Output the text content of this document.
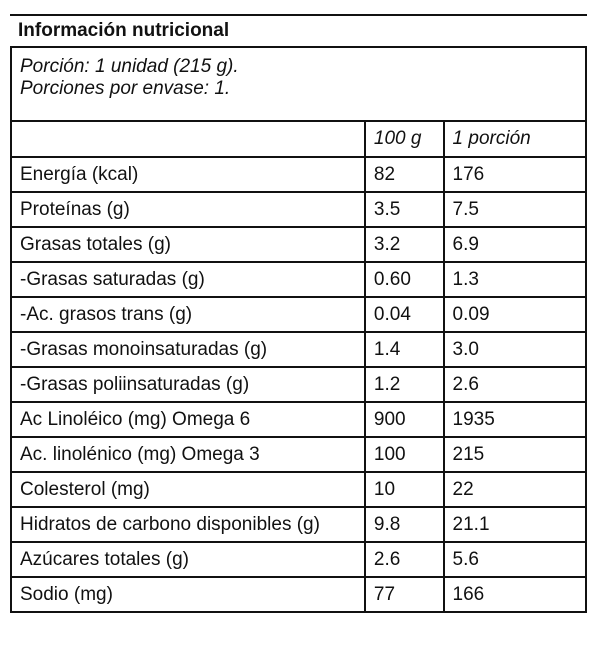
Información nutricional
Porción: 1 unidad (215 g).
Porciones por envase: 1.		

	100 g	1 porción
Energía (kcal)	82	176
Proteínas (g)	3.5	7.5
Grasas totales (g)	3.2	6.9
-Grasas saturadas (g)	0.60	1.3
-Ac. grasos trans (g)	0.04	0.09
-Grasas monoinsaturadas (g)	1.4	3.0
-Grasas poliinsaturadas (g)	1.2	2.6
Ac Linoléico (mg) Omega 6	900	1935
Ac. linolénico (mg) Omega 3	100	215
Colesterol (mg)	10	22
Hidratos de carbono disponibles (g)	9.8	21.1
Azúcares totales (g)	2.6	5.6
Sodio (mg)	77	166
